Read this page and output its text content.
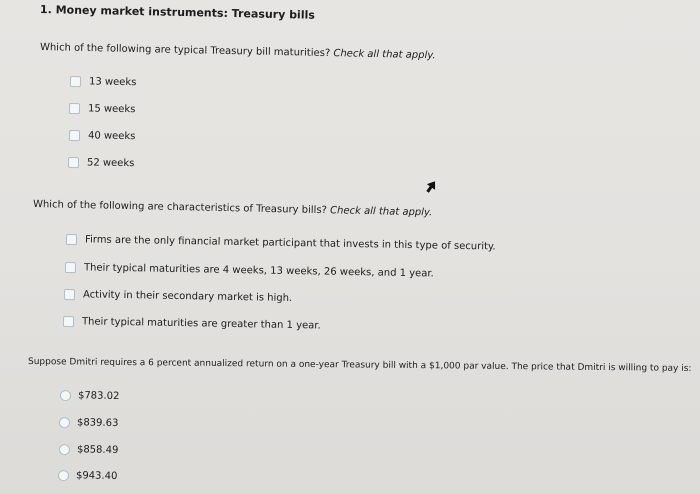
1. Money market instruments: Treasury bills
Which of the following are typical Treasury bill maturities? Check all that apply.
13 weeks
15 weeks
40 weeks
52 weeks
Which of the following are characteristics of Treasury bills? Check all that apply.
Firms are the only financial market participant that invests in this type of security.
Their typical maturities are 4 weeks, 13 weeks, 26 weeks, and 1 year.
Activity in their secondary market is high.
Their typical maturities are greater than 1 year.
Suppose Dmitri requires a 6 percent annualized return on a one-year Treasury bill with a $1,000 par value. The price that Dmitri is willing to pay is:
$783.02
$839.63
$858.49
$943.40
